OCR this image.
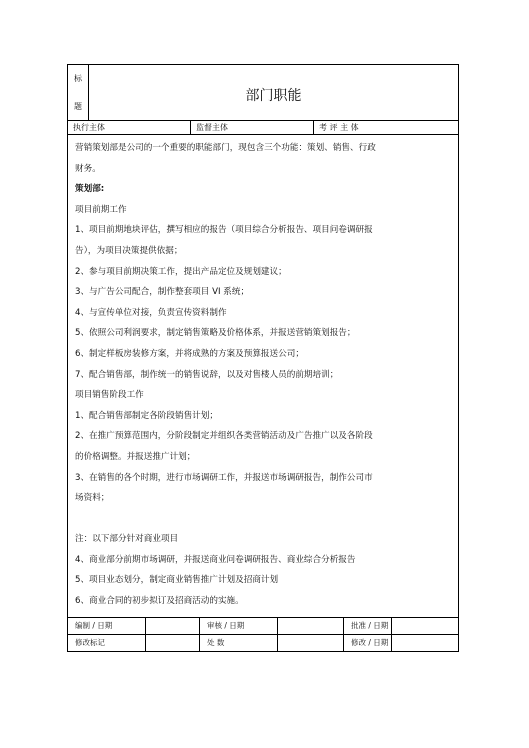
标
题
部门职能
执行主体	监督主体	考 评 主 体

营销策划部是公司的一个重要的职能部门，现包含三个功能：策划、销售、行政

财务。

策划部:

项目前期工作

1、项目前期地块评估，撰写相应的报告（项目综合分析报告、项目问卷调研报

告），为项目决策提供依据；

2、参与项目前期决策工作，提出产品定位及规划建议；

3、与广告公司配合，制作整套项目 VI 系统；

4、与宣传单位对接，负责宣传资料制作

5、依照公司利润要求，制定销售策略及价格体系，并报送营销策划报告；

6、制定样板房装修方案，并将成熟的方案及预算报送公司；

7、配合销售部，制作统一的销售说辞，以及对售楼人员的前期培训；

项目销售阶段工作

1、配合销售部制定各阶段销售计划；

2、在推广预算范围内，分阶段制定并组织各类营销活动及广告推广以及各阶段

的价格调整。并报送推广计划；

3、在销售的各个时期，进行市场调研工作，并报送市场调研报告，制作公司市

场资料；

注：以下部分针对商业项目

4、商业部分前期市场调研，并报送商业问卷调研报告、商业综合分析报告

5、项目业态划分，制定商业销售推广计划及招商计划

6、商业合同的初步拟订及招商活动的实施。

编制 / 日期	审核 / 日期	批准 / 日期
修改标记	处 数	修改 / 日期
